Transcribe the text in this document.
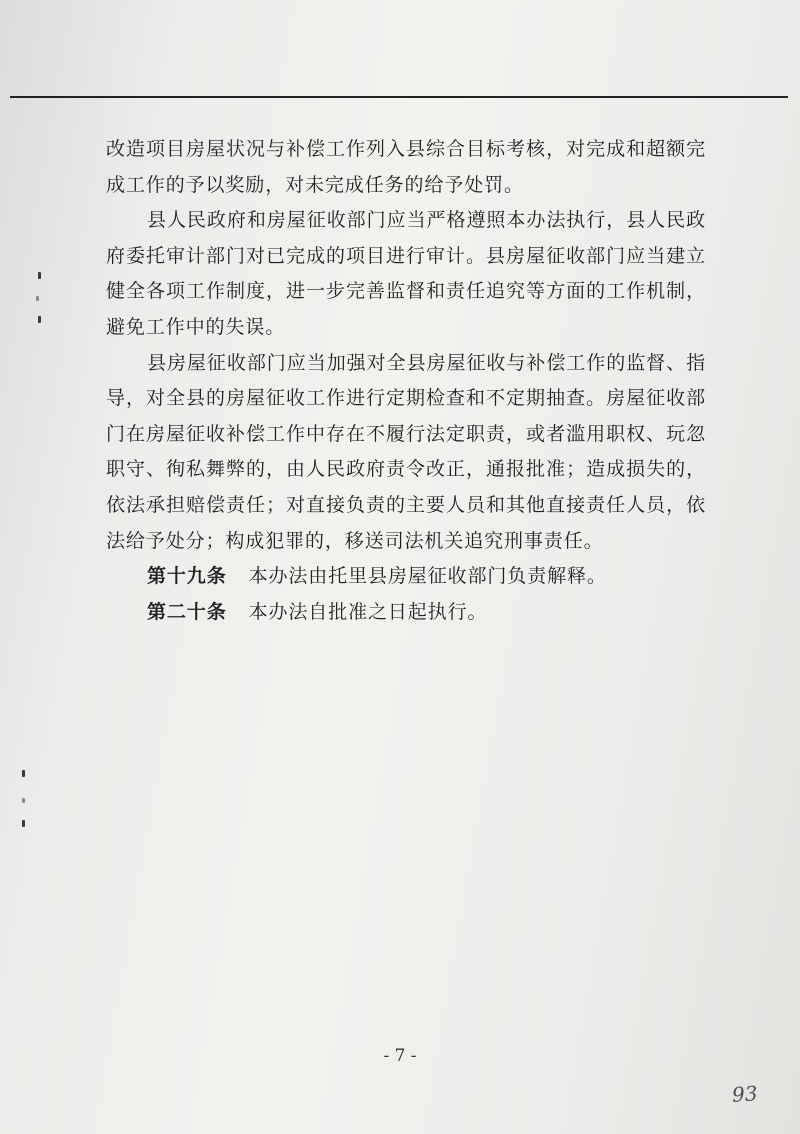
改造项目房屋状况与补偿工作列入县综合目标考核，对完成和超额完成工作的予以奖励，对未完成任务的给予处罚。

县人民政府和房屋征收部门应当严格遵照本办法执行，县人民政府委托审计部门对已完成的项目进行审计。县房屋征收部门应当建立健全各项工作制度，进一步完善监督和责任追究等方面的工作机制，避免工作中的失误。

县房屋征收部门应当加强对全县房屋征收与补偿工作的监督、指导，对全县的房屋征收工作进行定期检查和不定期抽查。房屋征收部门在房屋征收补偿工作中存在不履行法定职责，或者滥用职权、玩忽职守、徇私舞弊的，由人民政府责令改正，通报批准；造成损失的，依法承担赔偿责任；对直接负责的主要人员和其他直接责任人员，依法给予处分；构成犯罪的，移送司法机关追究刑事责任。

第十九条 本办法由托里县房屋征收部门负责解释。

第二十条 本办法自批准之日起执行。

- 7 -
93
